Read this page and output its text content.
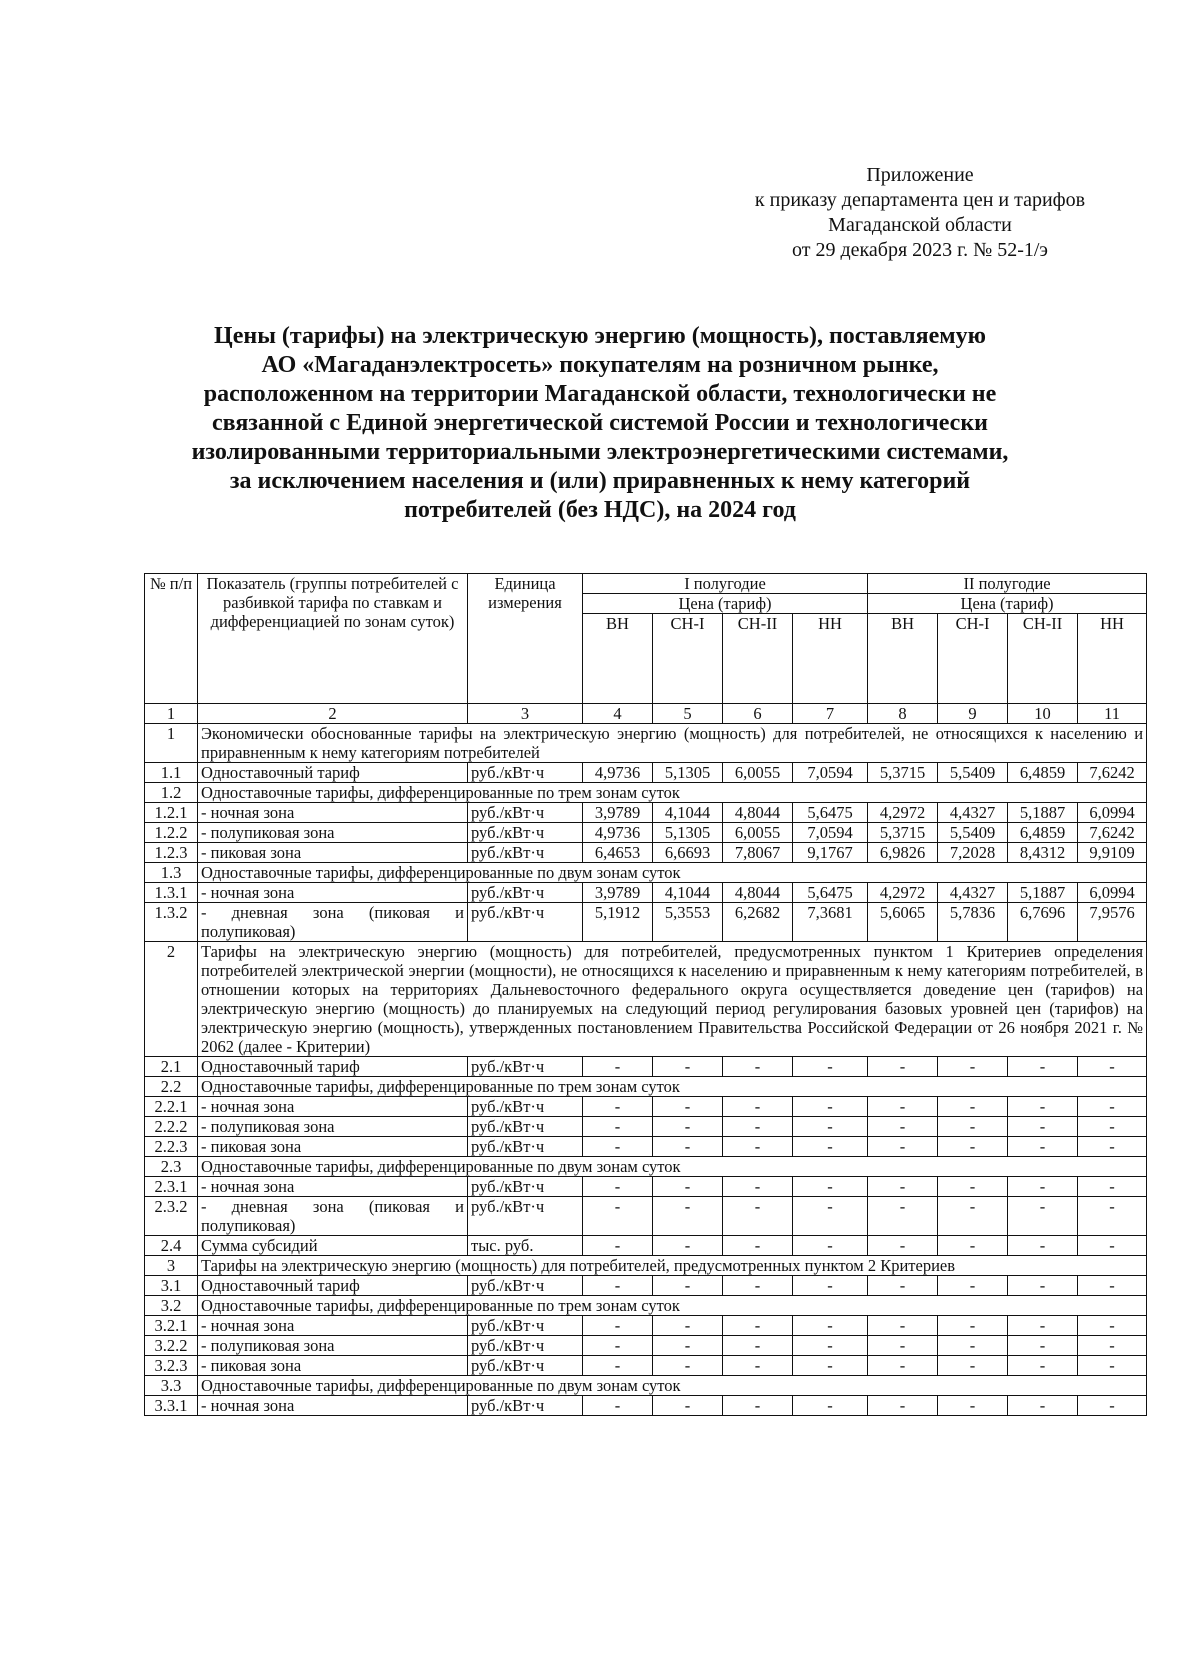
Приложение
к приказу департамента цен и тарифов
Магаданской области
от 29 декабря 2023 г. № 52-1/э
Цены (тарифы) на электрическую энергию (мощность), поставляемую
АО «Магаданэлектросеть» покупателям на розничном рынке,
расположенном на территории Магаданской области, технологически не
связанной с Единой энергетической системой России и технологически
изолированными территориальными электроэнергетическими системами,
за исключением населения и (или) приравненных к нему категорий
потребителей (без НДС), на 2024 год
№ п/п	Показатель (группы потребителей с разбивкой тарифа по ставкам и дифференциацией по зонам суток)	Единица измерения	I полугодие				II полугодие			
			Цена (тариф)				Цена (тариф)			
			ВН	СН-I	СН-II	НН	ВН	СН-I	СН-II	НН
1	2	3	4	5	6	7	8	9	10	11
1	Экономически обоснованные тарифы на электрическую энергию (мощность) для потребителей, не относящихся к населению и приравненным к нему категориям потребителей									
1.1	Одноставочный тариф	руб./кВт·ч	4,9736	5,1305	6,0055	7,0594	5,3715	5,5409	6,4859	7,6242
1.2	Одноставочные тарифы, дифференцированные по трем зонам суток									
1.2.1	- ночная зона	руб./кВт·ч	3,9789	4,1044	4,8044	5,6475	4,2972	4,4327	5,1887	6,0994
1.2.2	- полупиковая зона	руб./кВт·ч	4,9736	5,1305	6,0055	7,0594	5,3715	5,5409	6,4859	7,6242
1.2.3	- пиковая зона	руб./кВт·ч	6,4653	6,6693	7,8067	9,1767	6,9826	7,2028	8,4312	9,9109
1.3	Одноставочные тарифы, дифференцированные по двум зонам суток									
1.3.1	- ночная зона	руб./кВт·ч	3,9789	4,1044	4,8044	5,6475	4,2972	4,4327	5,1887	6,0994
1.3.2	- дневная зона (пиковая и полупиковая)	руб./кВт·ч	5,1912	5,3553	6,2682	7,3681	5,6065	5,7836	6,7696	7,9576
2	Тарифы на электрическую энергию (мощность) для потребителей, предусмотренных пунктом 1 Критериев определения потребителей электрической энергии (мощности), не относящихся к населению и приравненным к нему категориям потребителей, в отношении которых на территориях Дальневосточного федерального округа осуществляется доведение цен (тарифов) на электрическую энергию (мощность) до планируемых на следующий период регулирования базовых уровней цен (тарифов) на электрическую энергию (мощность), утвержденных постановлением Правительства Российской Федерации от 26 ноября 2021 г. № 2062 (далее - Критерии)									
2.1	Одноставочный тариф	руб./кВт·ч	-	-	-	-	-	-	-	-
2.2	Одноставочные тарифы, дифференцированные по трем зонам суток									
2.2.1	- ночная зона	руб./кВт·ч	-	-	-	-	-	-	-	-
2.2.2	- полупиковая зона	руб./кВт·ч	-	-	-	-	-	-	-	-
2.2.3	- пиковая зона	руб./кВт·ч	-	-	-	-	-	-	-	-
2.3	Одноставочные тарифы, дифференцированные по двум зонам суток									
2.3.1	- ночная зона	руб./кВт·ч	-	-	-	-	-	-	-	-
2.3.2	- дневная зона (пиковая и полупиковая)	руб./кВт·ч	-	-	-	-	-	-	-	-
2.4	Сумма субсидий	тыс. руб.	-	-	-	-	-	-	-	-
3	Тарифы на электрическую энергию (мощность) для потребителей, предусмотренных пунктом 2 Критериев									
3.1	Одноставочный тариф	руб./кВт·ч	-	-	-	-	-	-	-	-
3.2	Одноставочные тарифы, дифференцированные по трем зонам суток									
3.2.1	- ночная зона	руб./кВт·ч	-	-	-	-	-	-	-	-
3.2.2	- полупиковая зона	руб./кВт·ч	-	-	-	-	-	-	-	-
3.2.3	- пиковая зона	руб./кВт·ч	-	-	-	-	-	-	-	-
3.3	Одноставочные тарифы, дифференцированные по двум зонам суток									
3.3.1	- ночная зона	руб./кВт·ч	-	-	-	-	-	-	-	-
